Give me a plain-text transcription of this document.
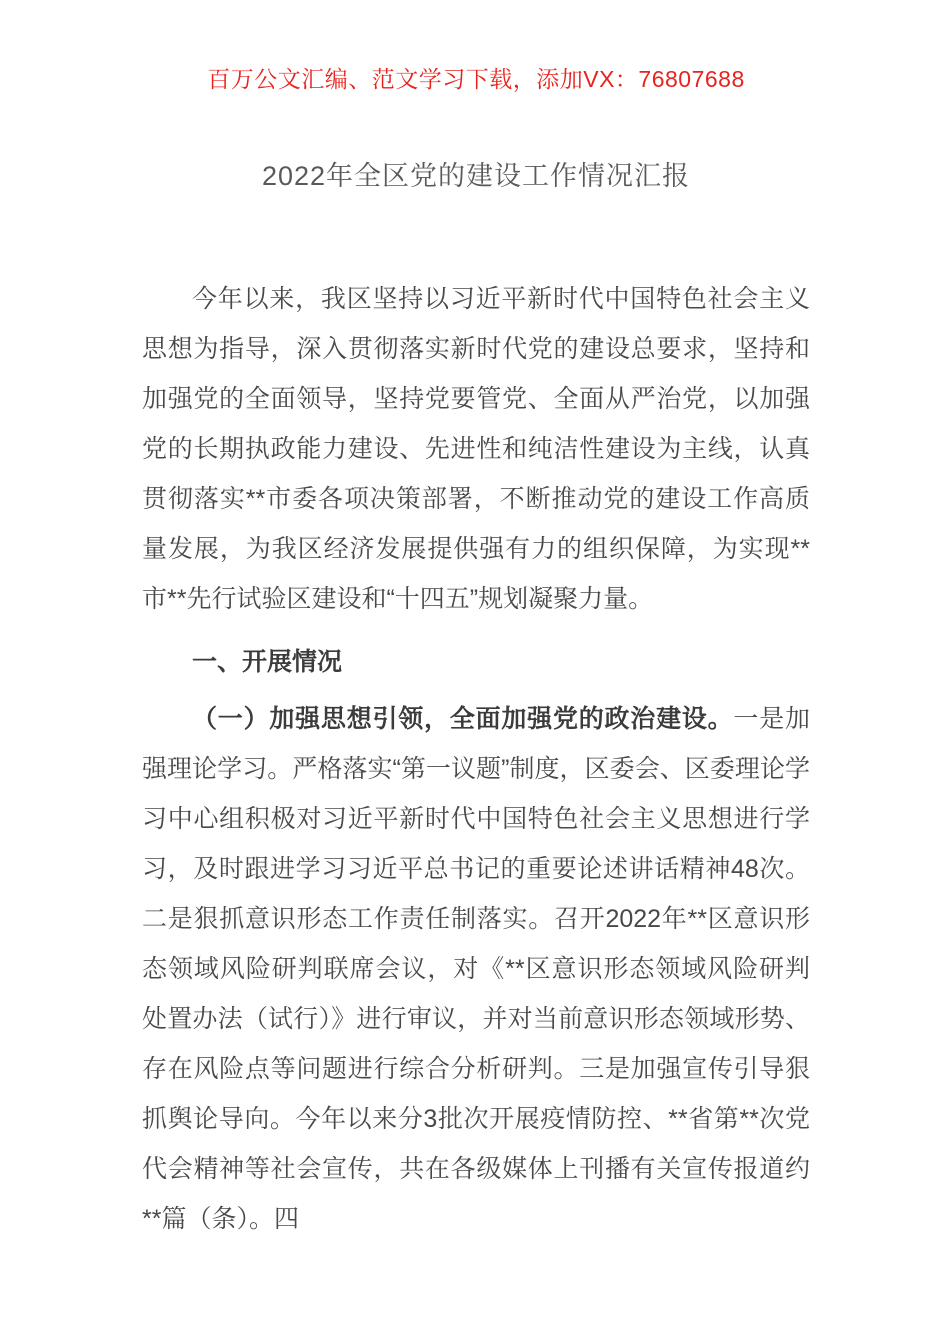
百万公文汇编、范文学习下载，添加VX：76807688
2022年全区党的建设工作情况汇报

今年以来，我区坚持以习近平新时代中国特色社会主义思想为指导，深入贯彻落实新时代党的建设总要求，坚持和加强党的全面领导，坚持党要管党、全面从严治党，以加强党的长期执政能力建设、先进性和纯洁性建设为主线，认真贯彻落实**市委各项决策部署，不断推动党的建设工作高质量发展，为我区经济发展提供强有力的组织保障，为实现**市**先行试验区建设和“十四五”规划凝聚力量。

一、开展情况

（一）加强思想引领，全面加强党的政治建设。一是加强理论学习。严格落实“第一议题”制度，区委会、区委理论学习中心组积极对习近平新时代中国特色社会主义思想进行学习，及时跟进学习习近平总书记的重要论述讲话精神48次。二是狠抓意识形态工作责任制落实。召开2022年**区意识形态领域风险研判联席会议，对《**区意识形态领域风险研判处置办法（试行）》进行审议，并对当前意识形态领域形势、存在风险点等问题进行综合分析研判。三是加强宣传引导狠抓舆论导向。今年以来分3批次开展疫情防控、**省第**次党代会精神等社会宣传，共在各级媒体上刊播有关宣传报道约**篇（条）。四
